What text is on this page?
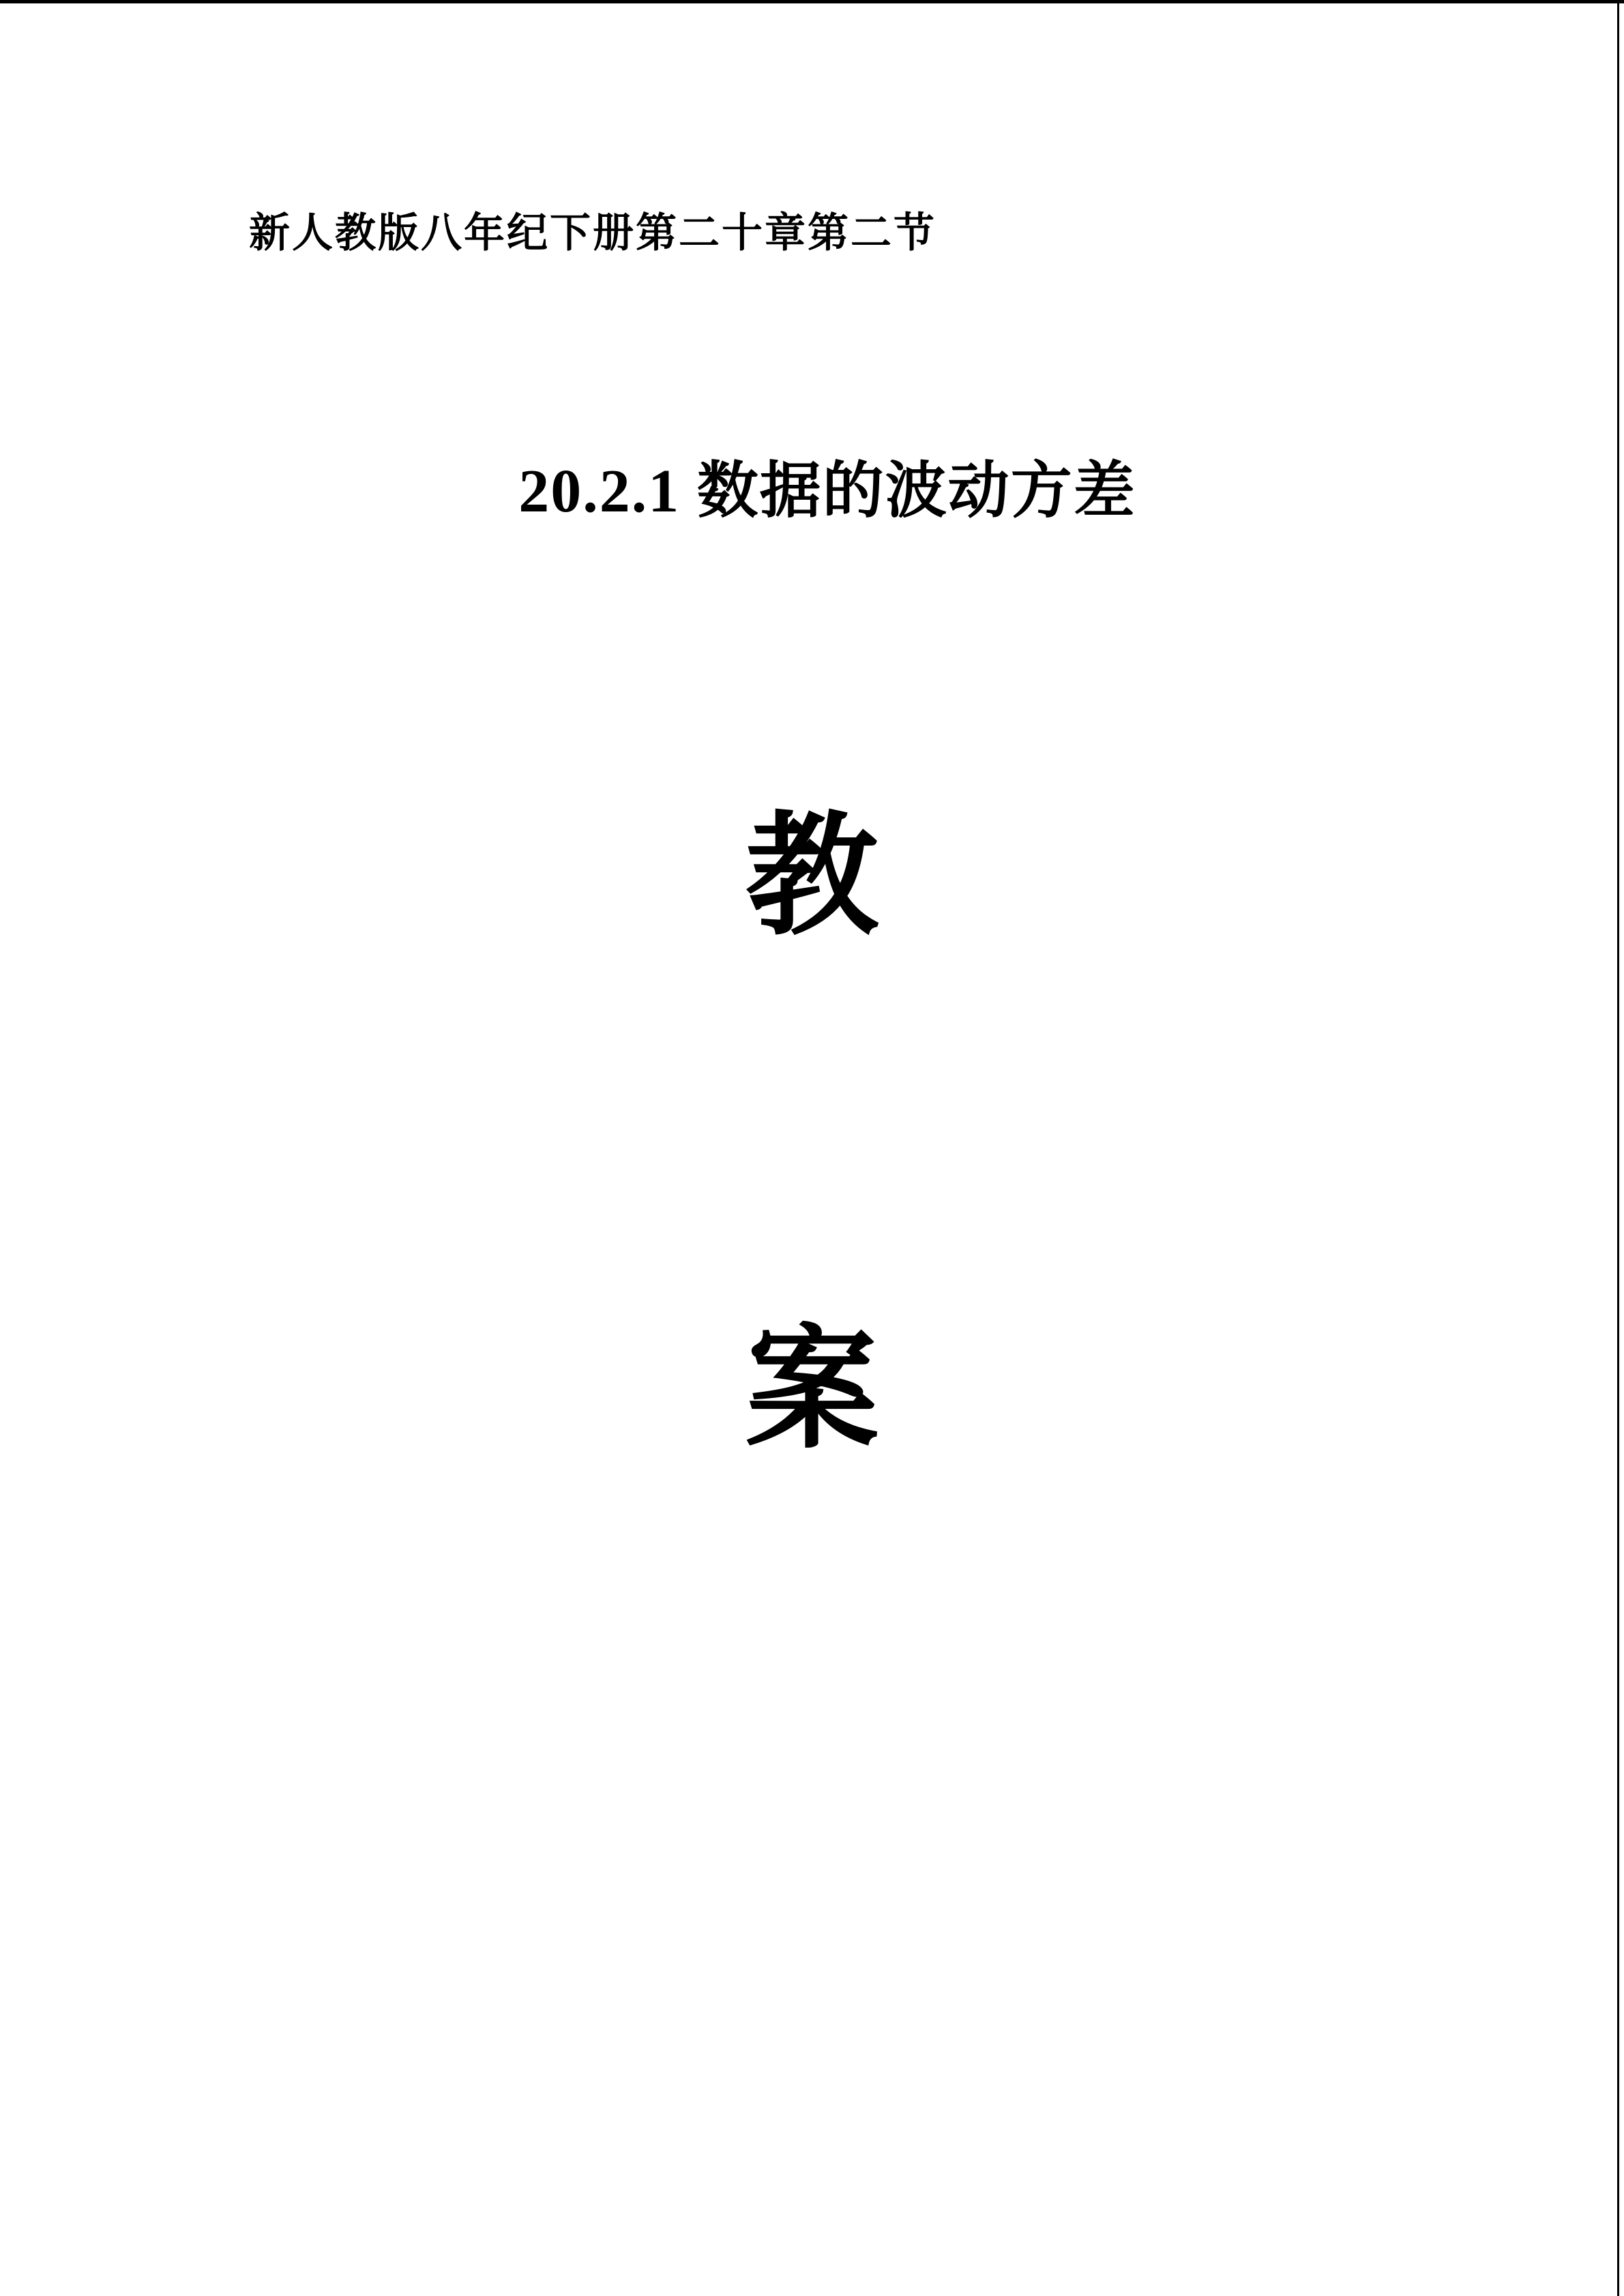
新人教版八年纪下册第二十章第二节
20.2.1 数据的波动方差
教
案
